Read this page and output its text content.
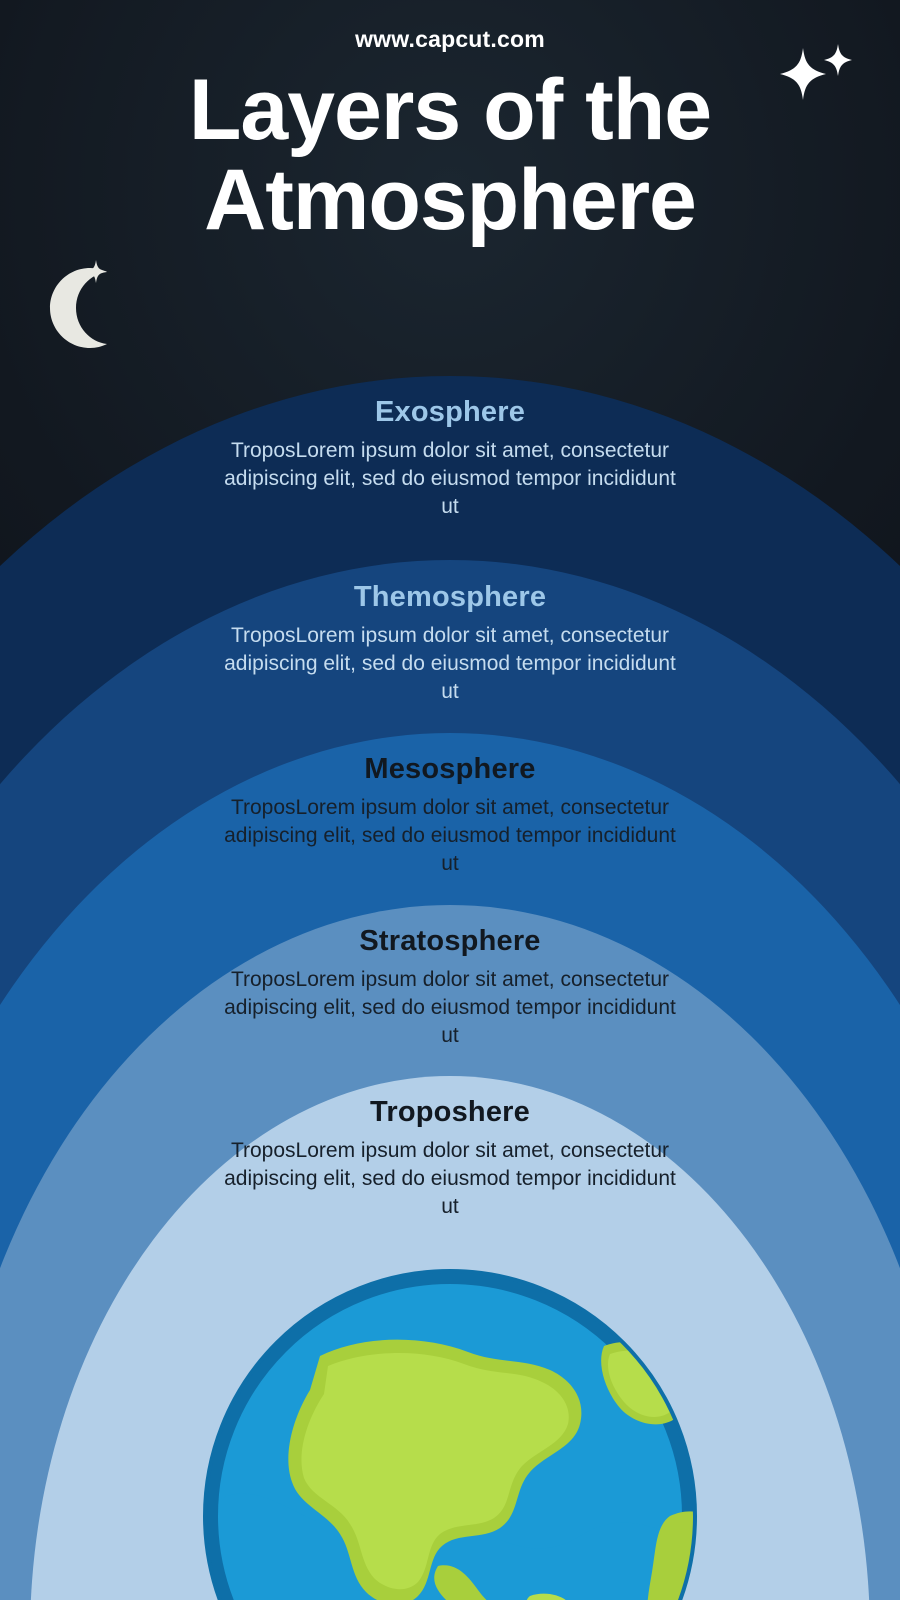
www.capcut.com
Layers of the
Atmosphere
Exosphere
TroposLorem ipsum dolor sit amet, consectetur adipiscing elit, sed do eiusmod tempor incididunt ut
Themosphere
TroposLorem ipsum dolor sit amet, consectetur adipiscing elit, sed do eiusmod tempor incididunt ut
Mesosphere
TroposLorem ipsum dolor sit amet, consectetur adipiscing elit, sed do eiusmod tempor incididunt ut
Stratosphere
TroposLorem ipsum dolor sit amet, consectetur adipiscing elit, sed do eiusmod tempor incididunt ut
Troposhere
TroposLorem ipsum dolor sit amet, consectetur adipiscing elit, sed do eiusmod tempor incididunt ut
